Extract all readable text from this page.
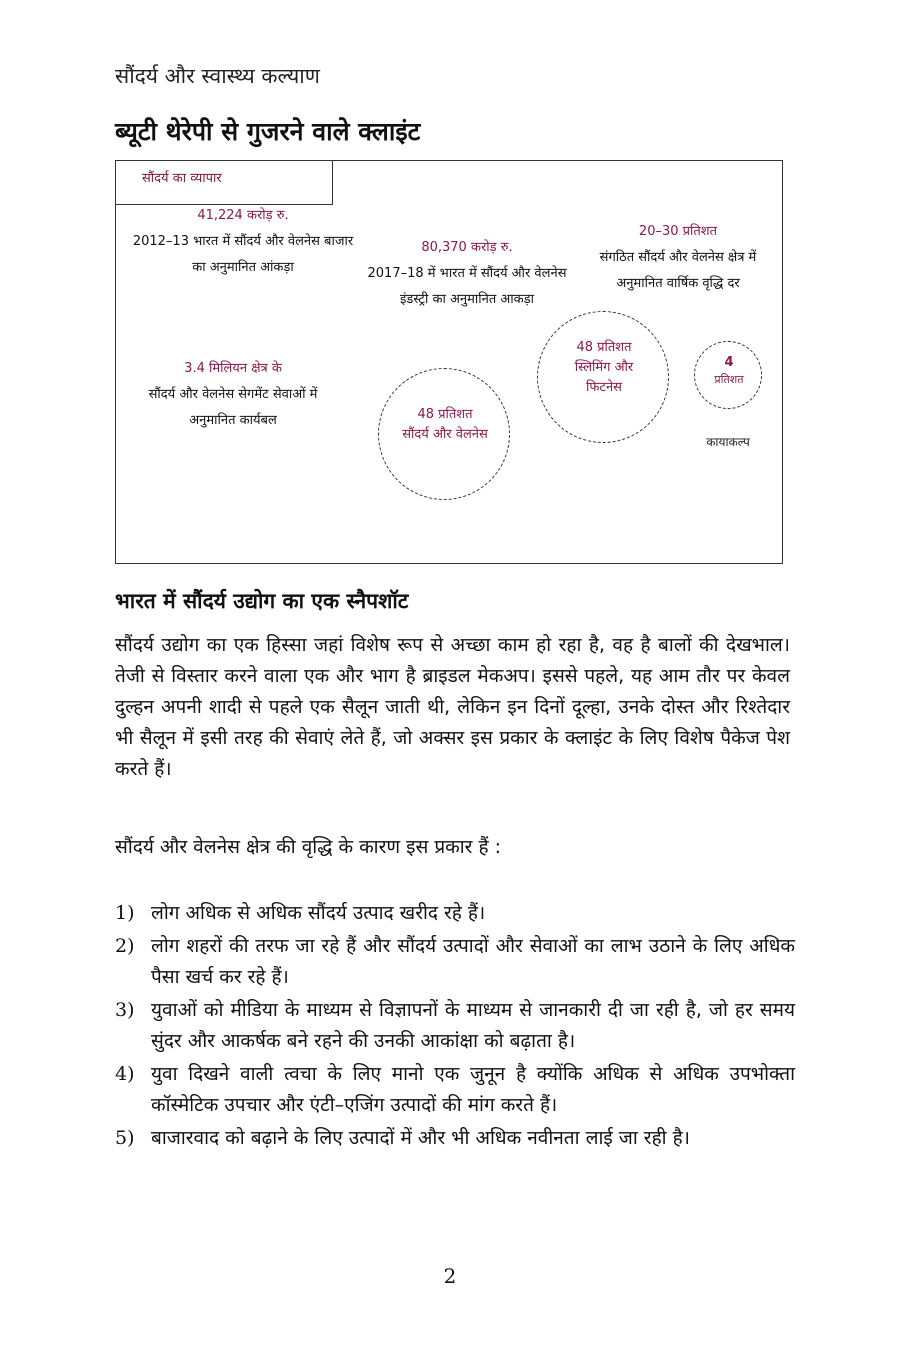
सौंदर्य और स्वास्थ्य कल्याण
ब्यूटी थेरेपी से गुजरने वाले क्लाइंट
सौंदर्य का व्यापार
41,224 करोड़ रु.
2012–13 भारत में सौंदर्य और वेलनेस बाजार का अनुमानित आंकड़ा
80,370 करोड़ रु.
2017–18 में भारत में सौंदर्य और वेलनेस इंडस्ट्री का अनुमानित आकड़ा
20–30 प्रतिशत
संगठित सौंदर्य और वेलनेस क्षेत्र में अनुमानित वार्षिक वृद्धि दर
3.4 मिलियन क्षेत्र के
सौंदर्य और वेलनेस सेगमेंट सेवाओं में अनुमानित कार्यबल	48 प्रतिशत
सौंदर्य और वेलनेस
48 प्रतिशत
स्लिमिंग और
फिटनेस
4
प्रतिशत
कायाकल्प
भारत में सौंदर्य उद्योग का एक स्नैपशॉट
सौंदर्य उद्योग का एक हिस्सा जहां विशेष रूप से अच्छा काम हो रहा है, वह है बालों की देखभाल। तेजी से विस्तार करने वाला एक और भाग है ब्राइडल मेकअप। इससे पहले, यह आम तौर पर केवल दुल्हन अपनी शादी से पहले एक सैलून जाती थी, लेकिन इन दिनों दूल्हा, उनके दोस्त और रिश्तेदार भी सैलून में इसी तरह की सेवाएं लेते हैं, जो अक्सर इस प्रकार के क्लाइंट के लिए विशेष पैकेज पेश करते हैं।
सौंदर्य और वेलनेस क्षेत्र की वृद्धि के कारण इस प्रकार हैं :
1) लोग अधिक से अधिक सौंदर्य उत्पाद खरीद रहे हैं।
2) लोग शहरों की तरफ जा रहे हैं और सौंदर्य उत्पादों और सेवाओं का लाभ उठाने के लिए अधिक पैसा खर्च कर रहे हैं।
3) युवाओं को मीडिया के माध्यम से विज्ञापनों के माध्यम से जानकारी दी जा रही है, जो हर समय सुंदर और आकर्षक बने रहने की उनकी आकांक्षा को बढ़ाता है।
4) युवा दिखने वाली त्वचा के लिए मानो एक जुनून है क्योंकि अधिक से अधिक उपभोक्ता कॉस्मेटिक उपचार और एंटी–एजिंग उत्पादों की मांग करते हैं।
5) बाजारवाद को बढ़ाने के लिए उत्पादों में और भी अधिक नवीनता लाई जा रही है।
2
